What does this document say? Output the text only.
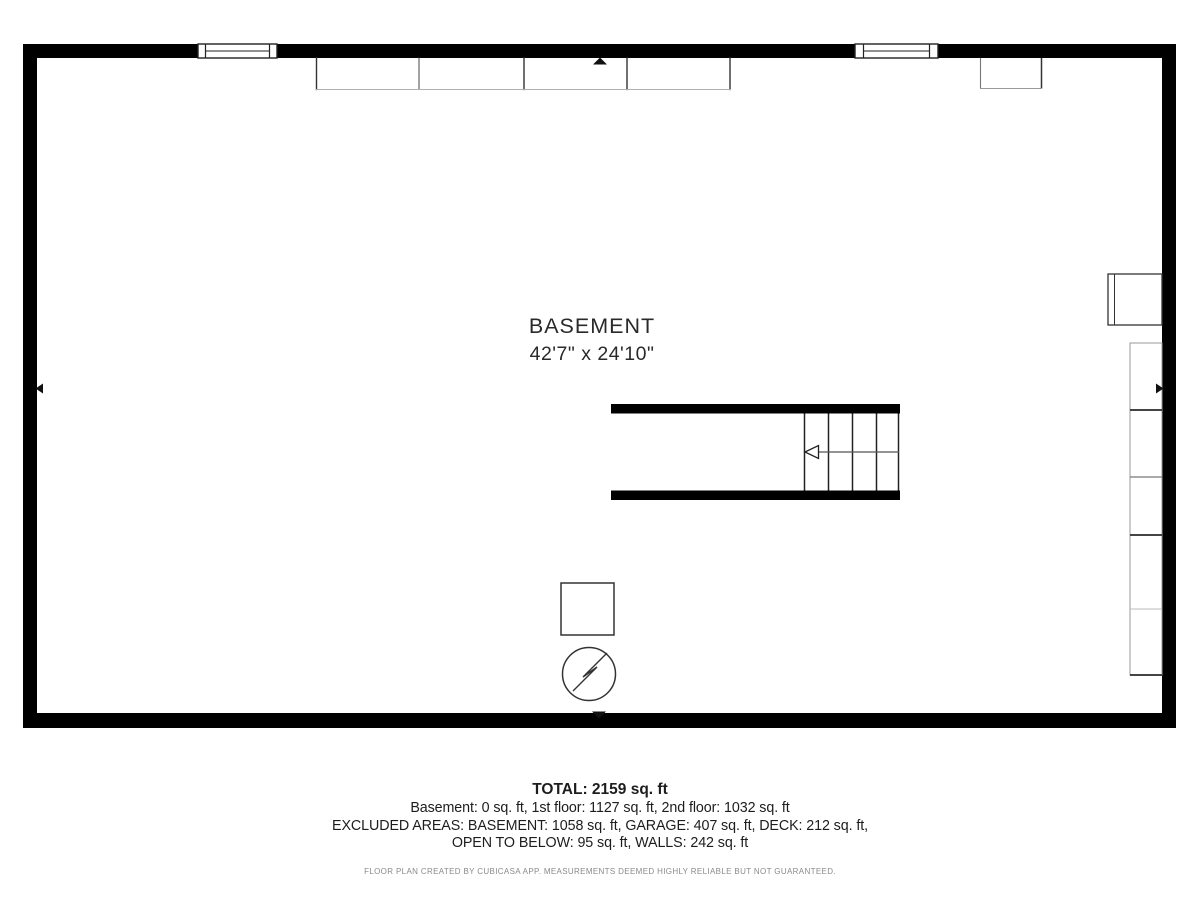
BASEMENT
42'7" x 24'10"
TOTAL: 2159 sq. ft
Basement: 0 sq. ft, 1st floor: 1127 sq. ft, 2nd floor: 1032 sq. ft
EXCLUDED AREAS: BASEMENT: 1058 sq. ft, GARAGE: 407 sq. ft, DECK: 212 sq. ft,
OPEN TO BELOW: 95 sq. ft, WALLS: 242 sq. ft
FLOOR PLAN CREATED BY CUBICASA APP. MEASUREMENTS DEEMED HIGHLY RELIABLE BUT NOT GUARANTEED.
